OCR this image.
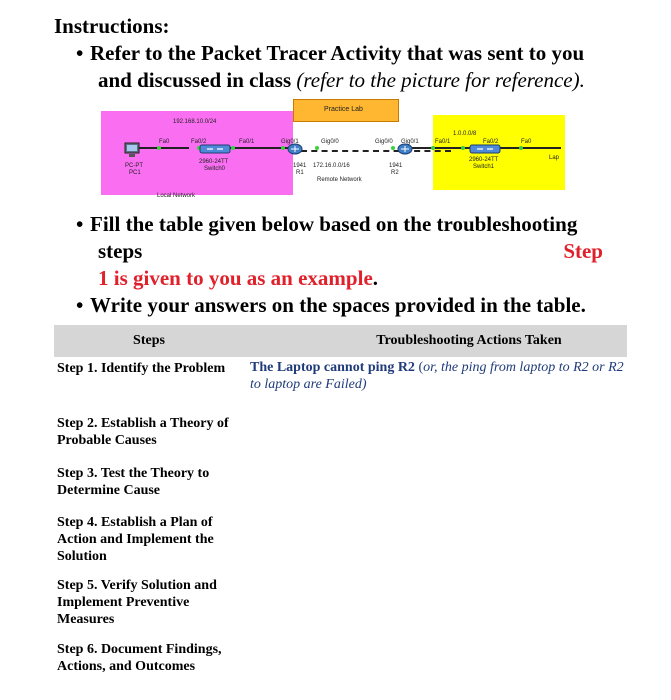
Instructions:
• Refer to the Packet Tracer Activity that was sent to you
and discussed in class (refer to the picture for reference).
Practice Lab
192.168.10.0/24
Local Network
172.16.0.0/16
Remote Network
1.0.0.0/8
PC-PT
PC1
2960-24TT
Switch0	1941
R1
1941
R2
2960-24TT
Switch1
Fa0	Fa0/2	Fa0/1	Gig0/1	Gig0/0	Gig0/0 Gig0/1	Fa0/1	Fa0/2	Fa0
Lap
• Fill the table given below based on the troubleshooting
steps	Step

1 is given to you as an example.
• Write your answers on the spaces provided in the table.
Steps	Troubleshooting Actions Taken
Step 1. Identify the Problem	The Laptop cannot ping R2 (or, the ping from laptop to R2 or R2 to laptop are Failed)
Step 2. Establish a Theory of Probable Causes
Step 3. Test the Theory to Determine Cause
Step 4. Establish a Plan of Action and Implement the Solution
Step 5. Verify Solution and Implement Preventive Measures
Step 6. Document Findings, Actions, and Outcomes
